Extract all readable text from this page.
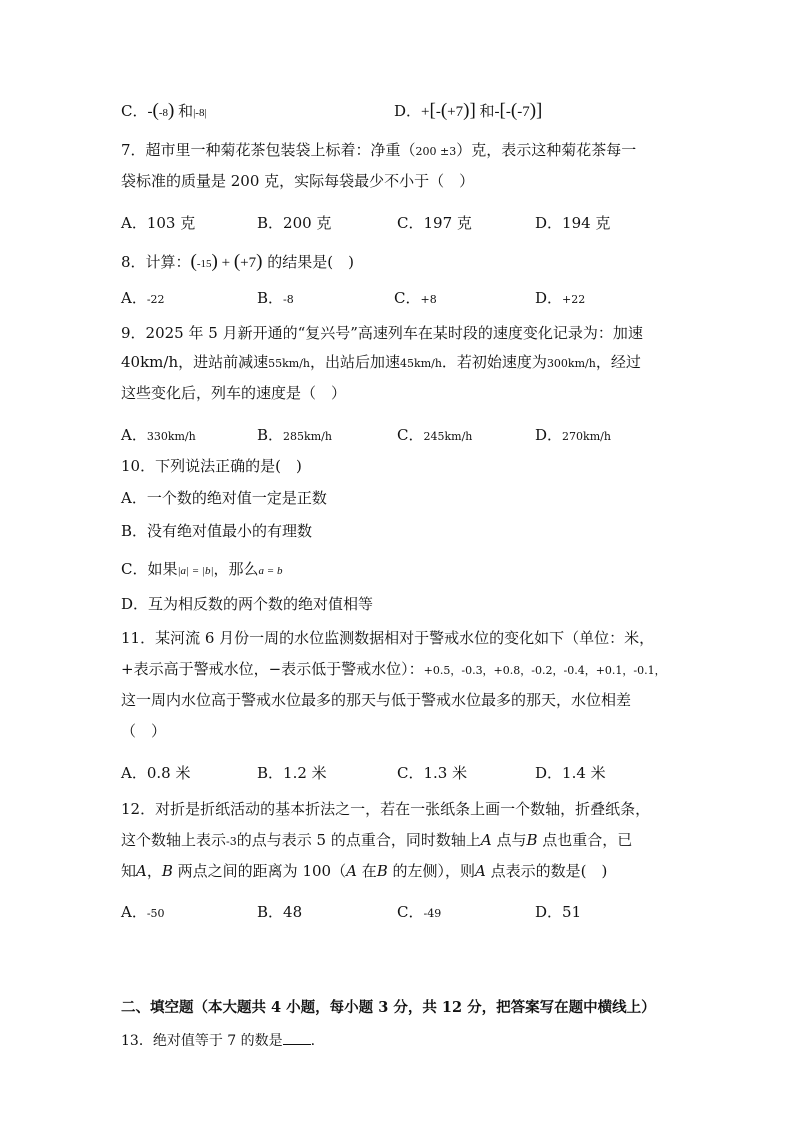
C．-(-8) 和|-8|	D．+[-(+7)] 和-[-(-7)]
7．超市里一种菊花茶包装袋上标着：净重（200 ±3）克，表示这种菊花茶每一
袋标准的质量是 200 克，实际每袋最少不小于（　）
A．103 克	B．200 克	C．197 克	D．194 克
8．计算：(-15) + (+7) 的结果是(　)
A．-22	B．-8	C．+8	D．+22
9．2025 年 5 月新开通的“复兴号”高速列车在某时段的速度变化记录为：加速
40km/h，进站前减速55km/h，出站后加速45km/h．若初始速度为300km/h，经过
这些变化后，列车的速度是（　）
A．330km/h	B．285km/h	C．245km/h	D．270km/h
10．下列说法正确的是(　)
A．一个数的绝对值一定是正数
B．没有绝对值最小的有理数
C．如果|a| = |b|，那么a = b
D．互为相反数的两个数的绝对值相等
11．某河流 6 月份一周的水位监测数据相对于警戒水位的变化如下（单位：米，
+表示高于警戒水位，−表示低于警戒水位）：+0.5，-0.3，+0.8，-0.2，-0.4，+0.1，-0.1，
这一周内水位高于警戒水位最多的那天与低于警戒水位最多的那天，水位相差
（　）
A．0.8 米	B．1.2 米	C．1.3 米	D．1.4 米
12．对折是折纸活动的基本折法之一，若在一张纸条上画一个数轴，折叠纸条，
这个数轴上表示-3的点与表示 5 的点重合，同时数轴上A 点与B 点也重合，已
知A，B 两点之间的距离为 100（A 在B 的左侧），则A 点表示的数是(　)
A．-50	B．48	C．-49	D．51
二、填空题（本大题共 4 小题，每小题 3 分，共 12 分，把答案写在题中横线上）
13．绝对值等于 7 的数是 .
